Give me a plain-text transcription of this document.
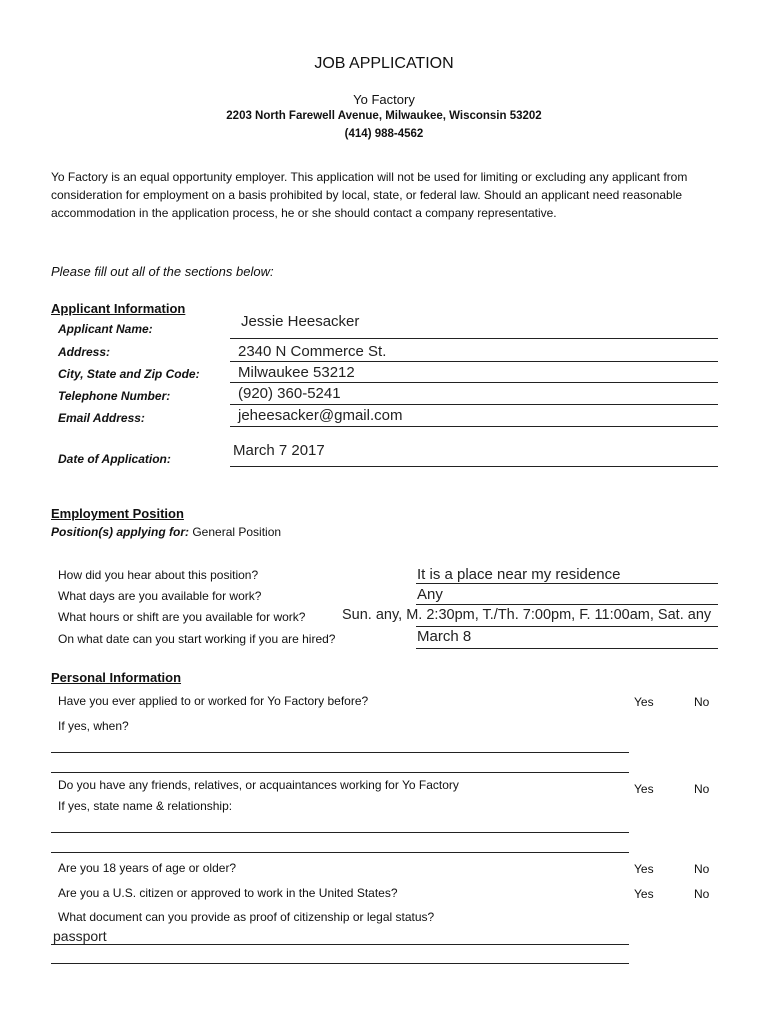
JOB APPLICATION
Yo Factory
2203 North Farewell Avenue, Milwaukee, Wisconsin 53202
(414) 988-4562
Yo Factory is an equal opportunity employer. This application will not be used for limiting or excluding any applicant from consideration for employment on a basis prohibited by local, state, or federal law. Should an applicant need reasonable accommodation in the application process, he or she should contact a company representative.
Please fill out all of the sections below:
Applicant Information
Applicant Name:	Jessie Heesacker
Address:	2340 N Commerce St.
City, State and Zip Code:	Milwaukee 53212
Telephone Number:	(920) 360-5241
Email Address:	jeheesacker@gmail.com
Date of Application:	March 7 2017
Employment Position
Position(s) applying for: General Position
How did you hear about this position?	It is a place near my residence
What days are you available for work?	Any
What hours or shift are you available for work?	Sun. any, M. 2:30pm, T./Th. 7:00pm, F. 11:00am, Sat. any
On what date can you start working if you are hired?	March 8
Personal Information
Have you ever applied to or worked for Yo Factory before?	Yes	No
If yes, when?
Do you have any friends, relatives, or acquaintances working for Yo Factory	Yes	No
If yes, state name & relationship:
Are you 18 years of age or older?	Yes	No
Are you a U.S. citizen or approved to work in the United States?	Yes	No
What document can you provide as proof of citizenship or legal status?
passport
